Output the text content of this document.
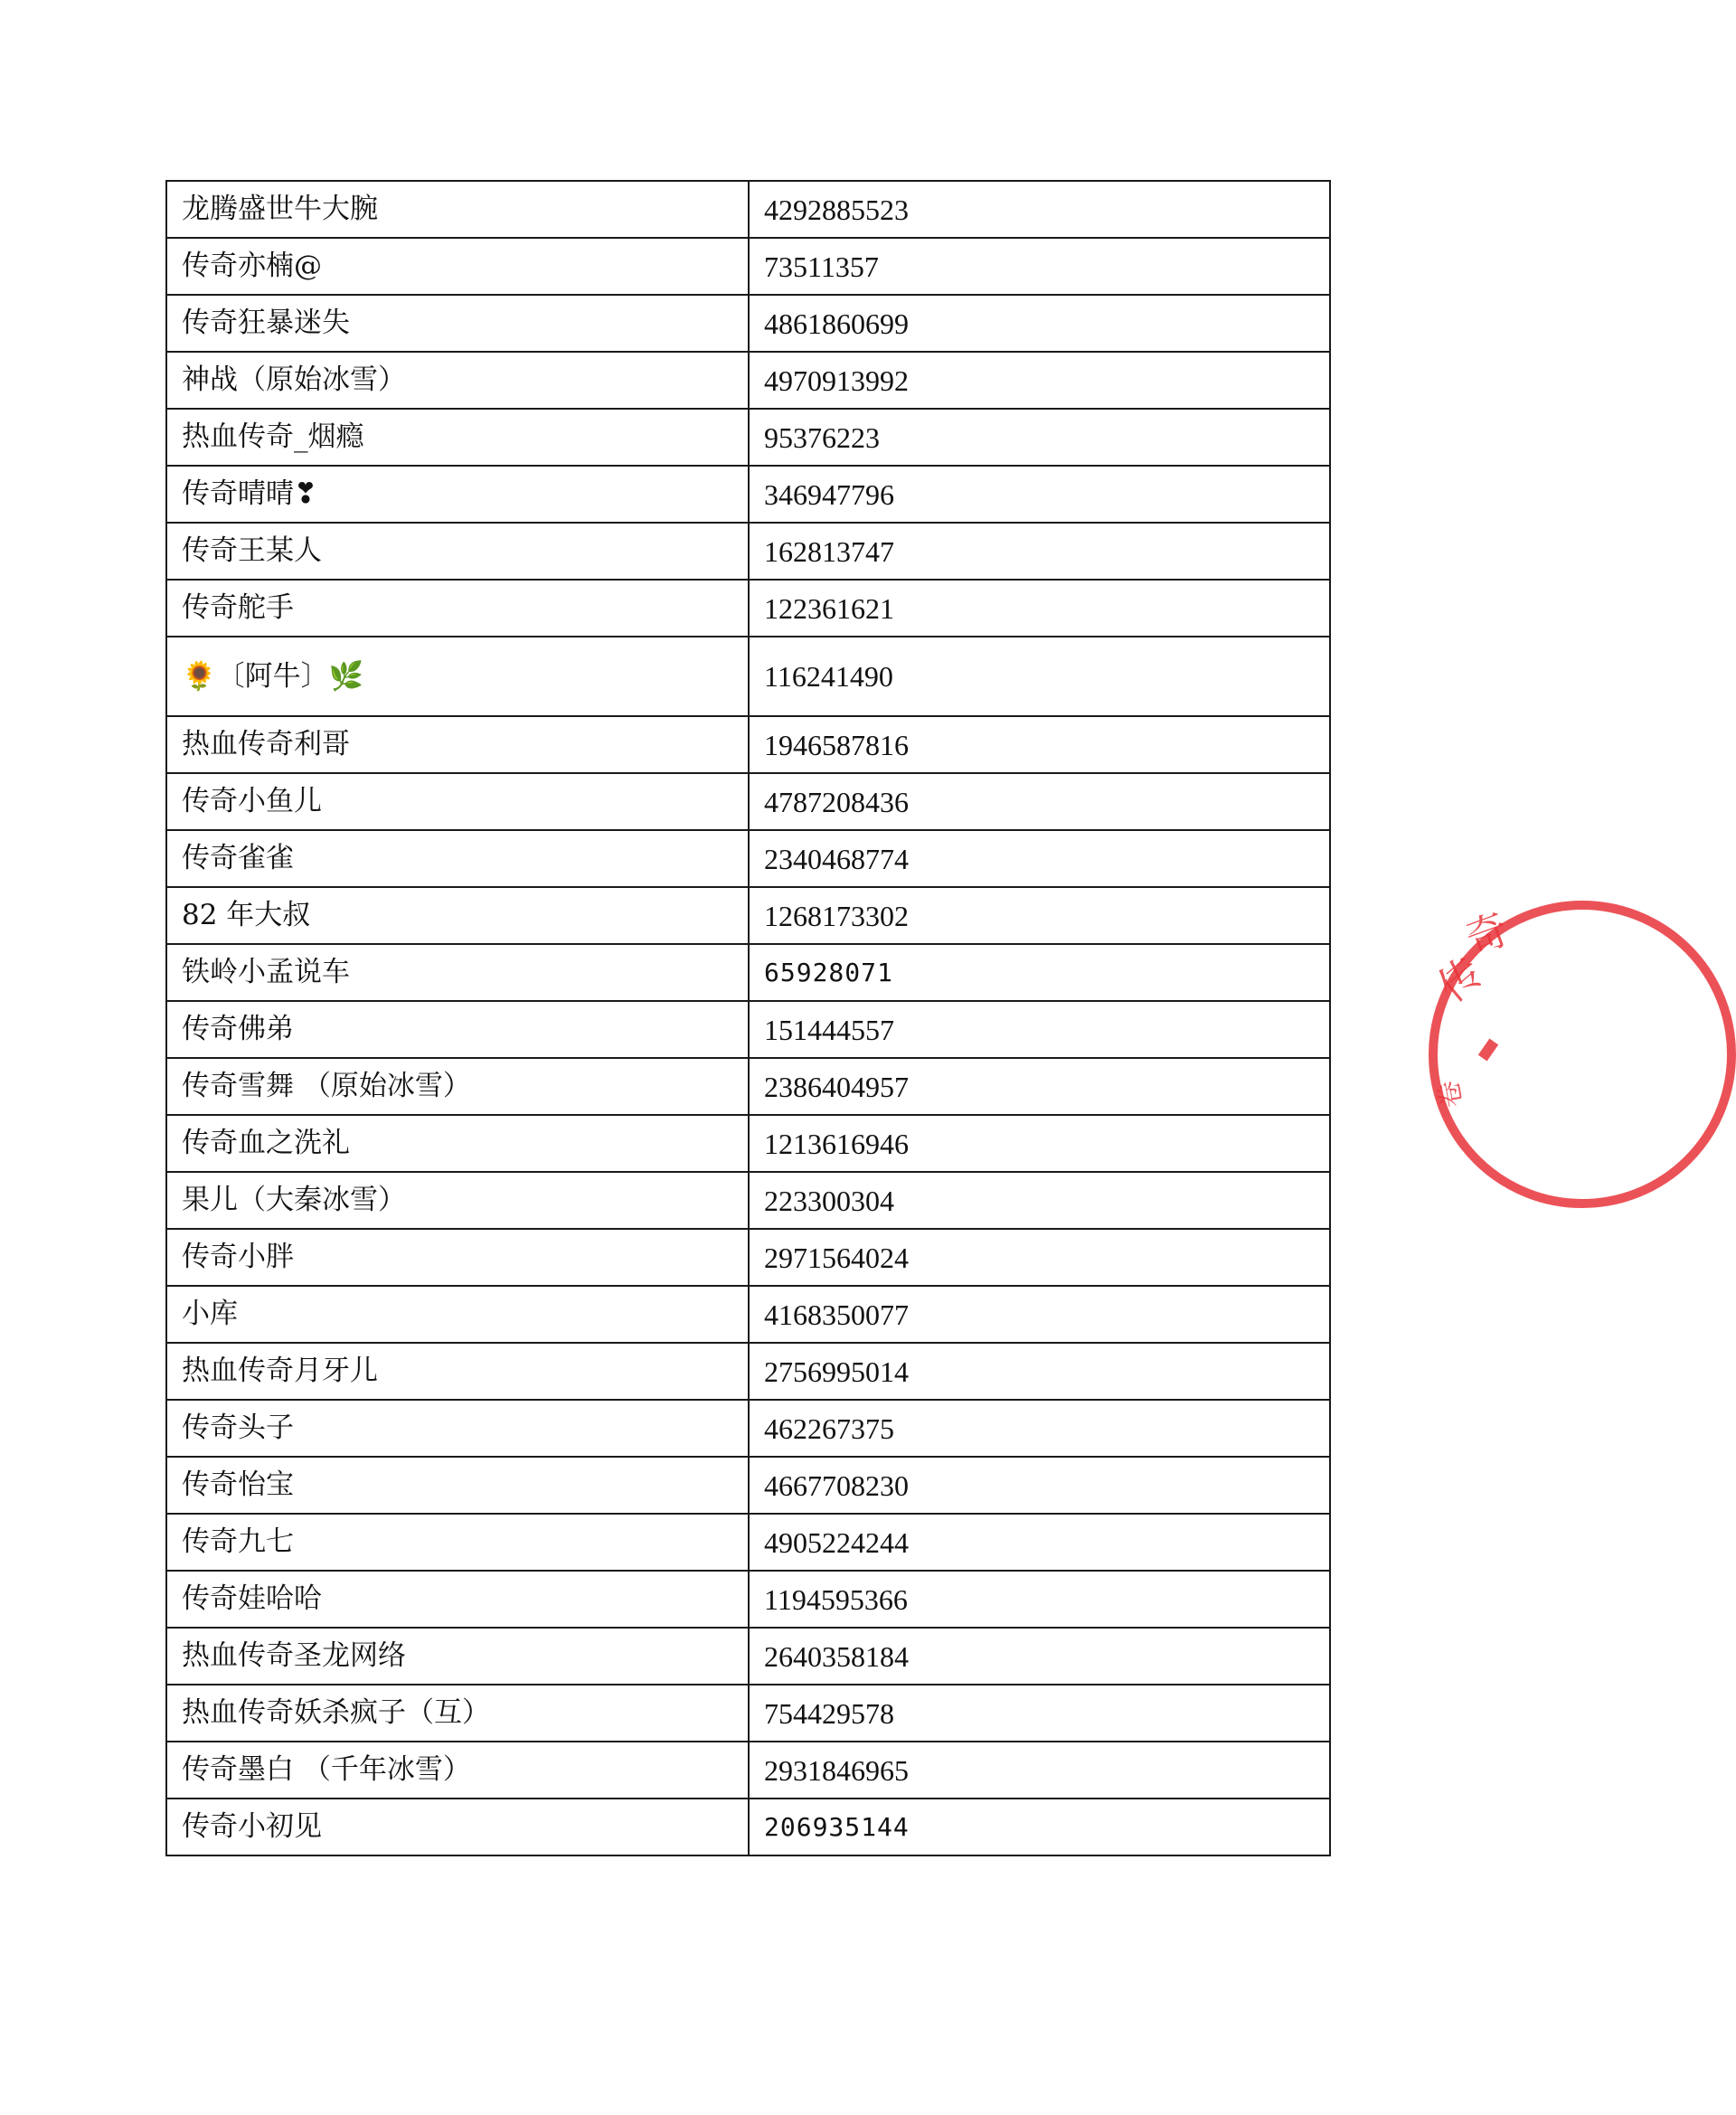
龙腾盛世牛大腕	4292885523
传奇亦楠@	73511357
传奇狂暴迷失	4861860699
神战（原始冰雪）	4970913992
热血传奇_烟瘾	95376223
传奇晴晴❣	346947796
传奇王某人	162813747
传奇舵手	122361621
🌻〔阿牛〕🌿	116241490
热血传奇利哥	1946587816
传奇小鱼儿	4787208436
传奇雀雀	2340468774
82 年大叔	1268173302
铁岭小孟说车	65928071
传奇佛弟	151444557
传奇雪舞 （原始冰雪）	2386404957
传奇血之洗礼	1213616946
果儿（大秦冰雪）	223300304
传奇小胖	2971564024
小库	4168350077
热血传奇月牙儿	2756995014
传奇头子	462267375
传奇怡宝	4667708230
传奇九七	4905224244
传奇娃哈哈	1194595366
热血传奇圣龙网络	2640358184
热血传奇妖杀疯子（互）	754429578
传奇墨白 （千年冰雪）	2931846965
传奇小初见	206935144
传
奇
卷
